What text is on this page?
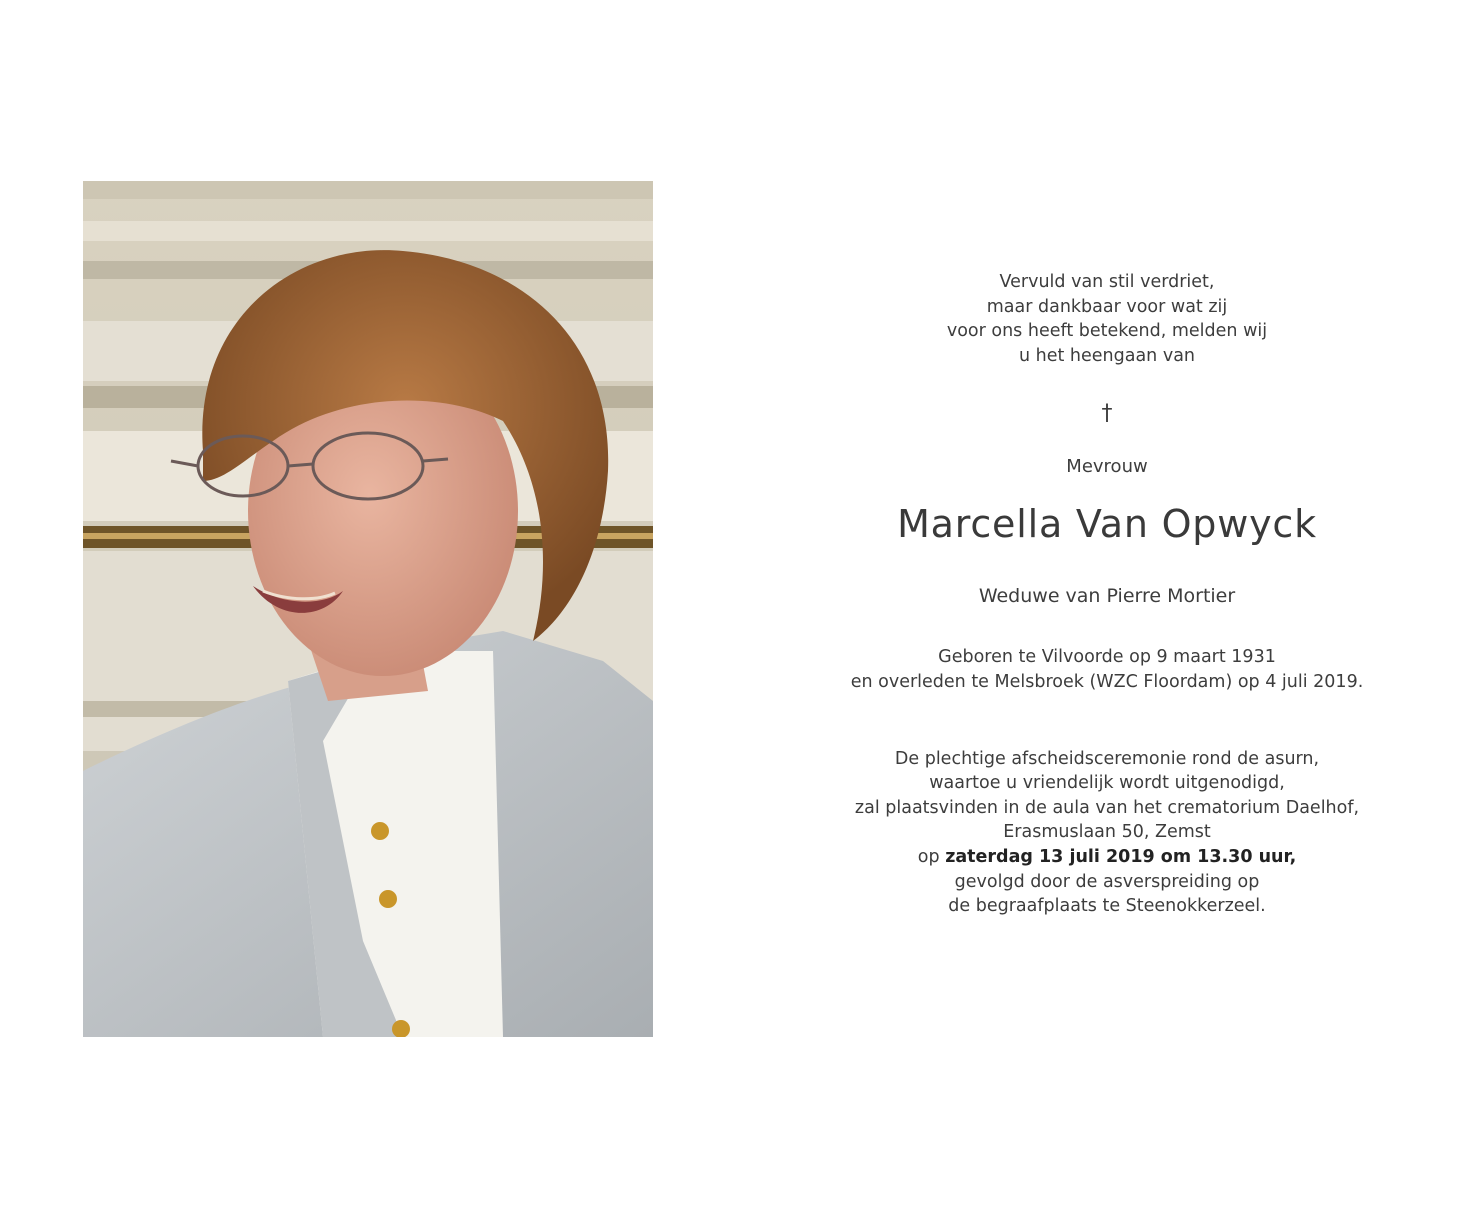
Vervuld van stil verdriet,
maar dankbaar voor wat zij
voor ons heeft betekend, melden wij
u het heengaan van

†
Mevrouw
Marcella Van Opwyck
Weduwe van Pierre Mortier

Geboren te Vilvoorde op 9 maart 1931
en overleden te Melsbroek (WZC Floordam) op 4 juli 2019.

De plechtige afscheidsceremonie rond de asurn,
waartoe u vriendelijk wordt uitgenodigd,
zal plaatsvinden in de aula van het crematorium Daelhof,
Erasmuslaan 50, Zemst
op zaterdag 13 juli 2019 om 13.30 uur,
gevolgd door de asverspreiding op
de begraafplaats te Steenokkerzeel.
